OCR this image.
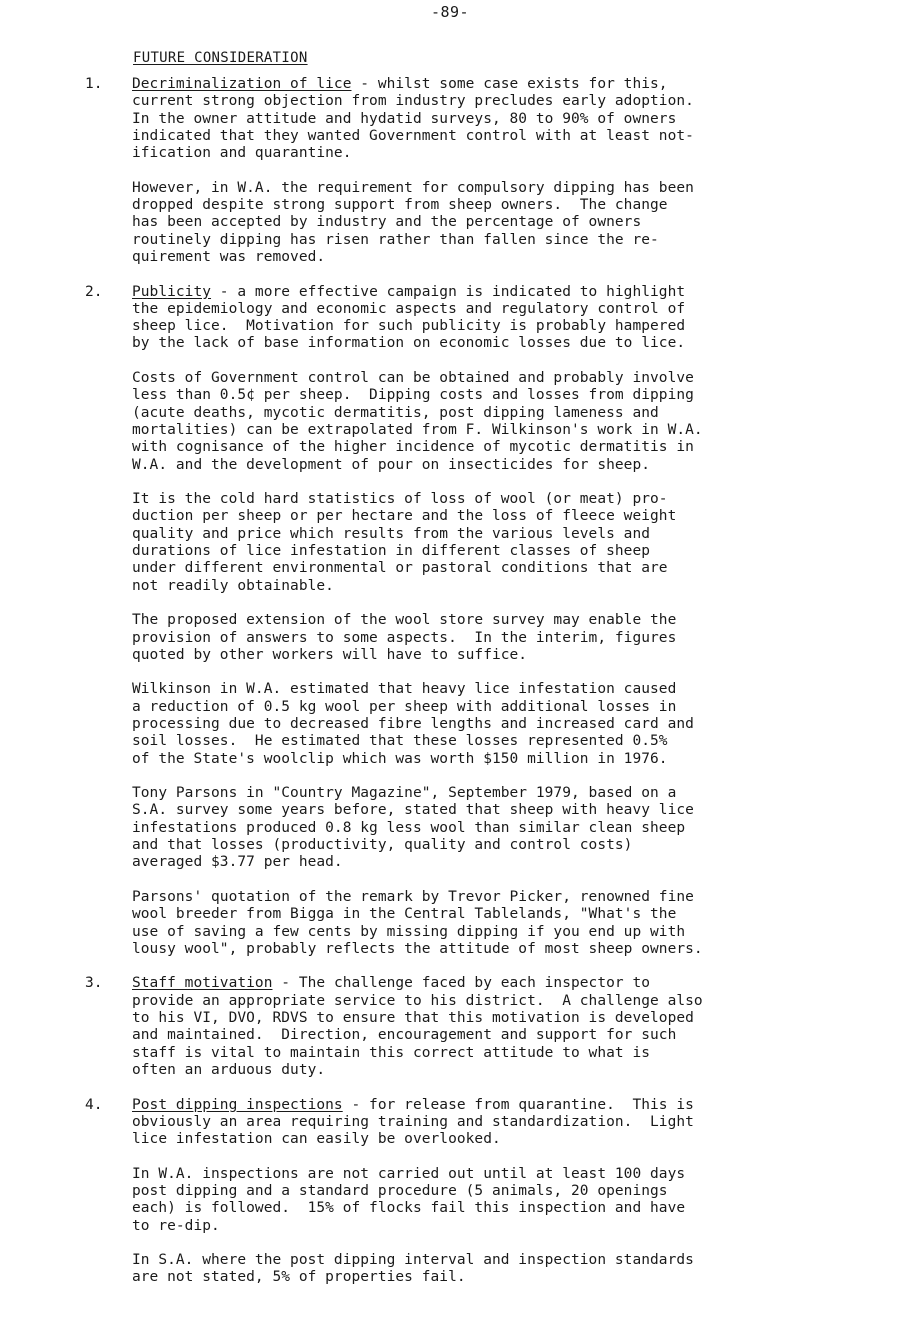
-89-
FUTURE CONSIDERATION
1. Decriminalization of lice - whilst some case exists for this,
current strong objection from industry precludes early adoption.
In the owner attitude and hydatid surveys, 80 to 90% of owners
indicated that they wanted Government control with at least not-
ification and quarantine.

However, in W.A. the requirement for compulsory dipping has been
dropped despite strong support from sheep owners.  The change
has been accepted by industry and the percentage of owners
routinely dipping has risen rather than fallen since the re-
quirement was removed.

2. Publicity - a more effective campaign is indicated to highlight
the epidemiology and economic aspects and regulatory control of
sheep lice.  Motivation for such publicity is probably hampered
by the lack of base information on economic losses due to lice.

Costs of Government control can be obtained and probably involve
less than 0.5¢ per sheep.  Dipping costs and losses from dipping
(acute deaths, mycotic dermatitis, post dipping lameness and
mortalities) can be extrapolated from F. Wilkinson's work in W.A.
with cognisance of the higher incidence of mycotic dermatitis in
W.A. and the development of pour on insecticides for sheep.

It is the cold hard statistics of loss of wool (or meat) pro-
duction per sheep or per hectare and the loss of fleece weight
quality and price which results from the various levels and
durations of lice infestation in different classes of sheep
under different environmental or pastoral conditions that are
not readily obtainable.

The proposed extension of the wool store survey may enable the
provision of answers to some aspects.  In the interim, figures
quoted by other workers will have to suffice.

Wilkinson in W.A. estimated that heavy lice infestation caused
a reduction of 0.5 kg wool per sheep with additional losses in
processing due to decreased fibre lengths and increased card and
soil losses.  He estimated that these losses represented 0.5%
of the State's woolclip which was worth $150 million in 1976.

Tony Parsons in "Country Magazine", September 1979, based on a
S.A. survey some years before, stated that sheep with heavy lice
infestations produced 0.8 kg less wool than similar clean sheep
and that losses (productivity, quality and control costs)
averaged $3.77 per head.

Parsons' quotation of the remark by Trevor Picker, renowned fine
wool breeder from Bigga in the Central Tablelands, "What's the
use of saving a few cents by missing dipping if you end up with
lousy wool", probably reflects the attitude of most sheep owners.

3. Staff motivation - The challenge faced by each inspector to
provide an appropriate service to his district.  A challenge also
to his VI, DVO, RDVS to ensure that this motivation is developed
and maintained.  Direction, encouragement and support for such
staff is vital to maintain this correct attitude to what is
often an arduous duty.

4. Post dipping inspections - for release from quarantine.  This is
obviously an area requiring training and standardization.  Light
lice infestation can easily be overlooked.

In W.A. inspections are not carried out until at least 100 days
post dipping and a standard procedure (5 animals, 20 openings
each) is followed.  15% of flocks fail this inspection and have
to re-dip.

In S.A. where the post dipping interval and inspection standards
are not stated, 5% of properties fail.
